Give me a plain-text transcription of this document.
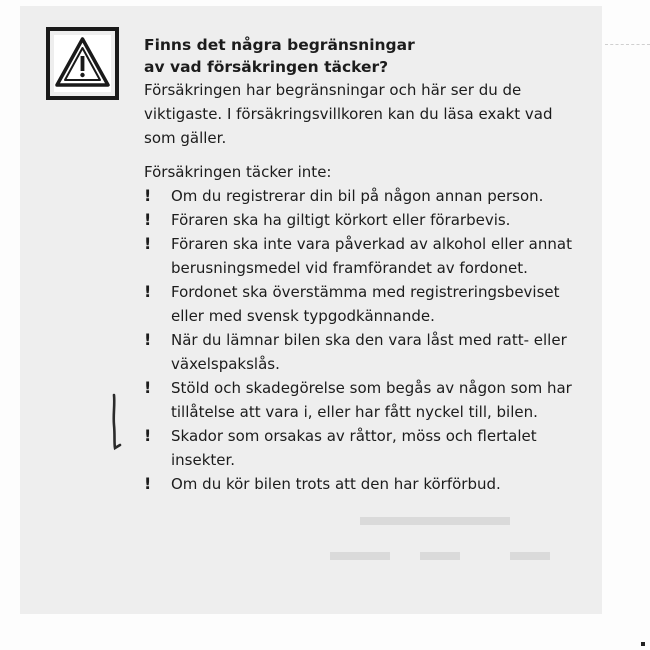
Finns det några begränsningar av vad försäkringen täcker?

Försäkringen har begränsningar och här ser du de viktigaste. I försäkringsvillkoren kan du läsa exakt vad som gäller.

Försäkringen täcker inte:

! Om du registrerar din bil på någon annan person.
! Föraren ska ha giltigt körkort eller förarbevis.
! Föraren ska inte vara påverkad av alkohol eller annat berusningsmedel vid framförandet av fordonet.
! Fordonet ska överstämma med registreringsbeviset eller med svensk typgodkännande.
! När du lämnar bilen ska den vara låst med ratt- eller växelspakslås.
! Stöld och skadegörelse som begås av någon som har tillåtelse att vara i, eller har fått nyckel till, bilen.
! Skador som orsakas av råttor, möss och flertalet insekter.
! Om du kör bilen trots att den har körförbud.
